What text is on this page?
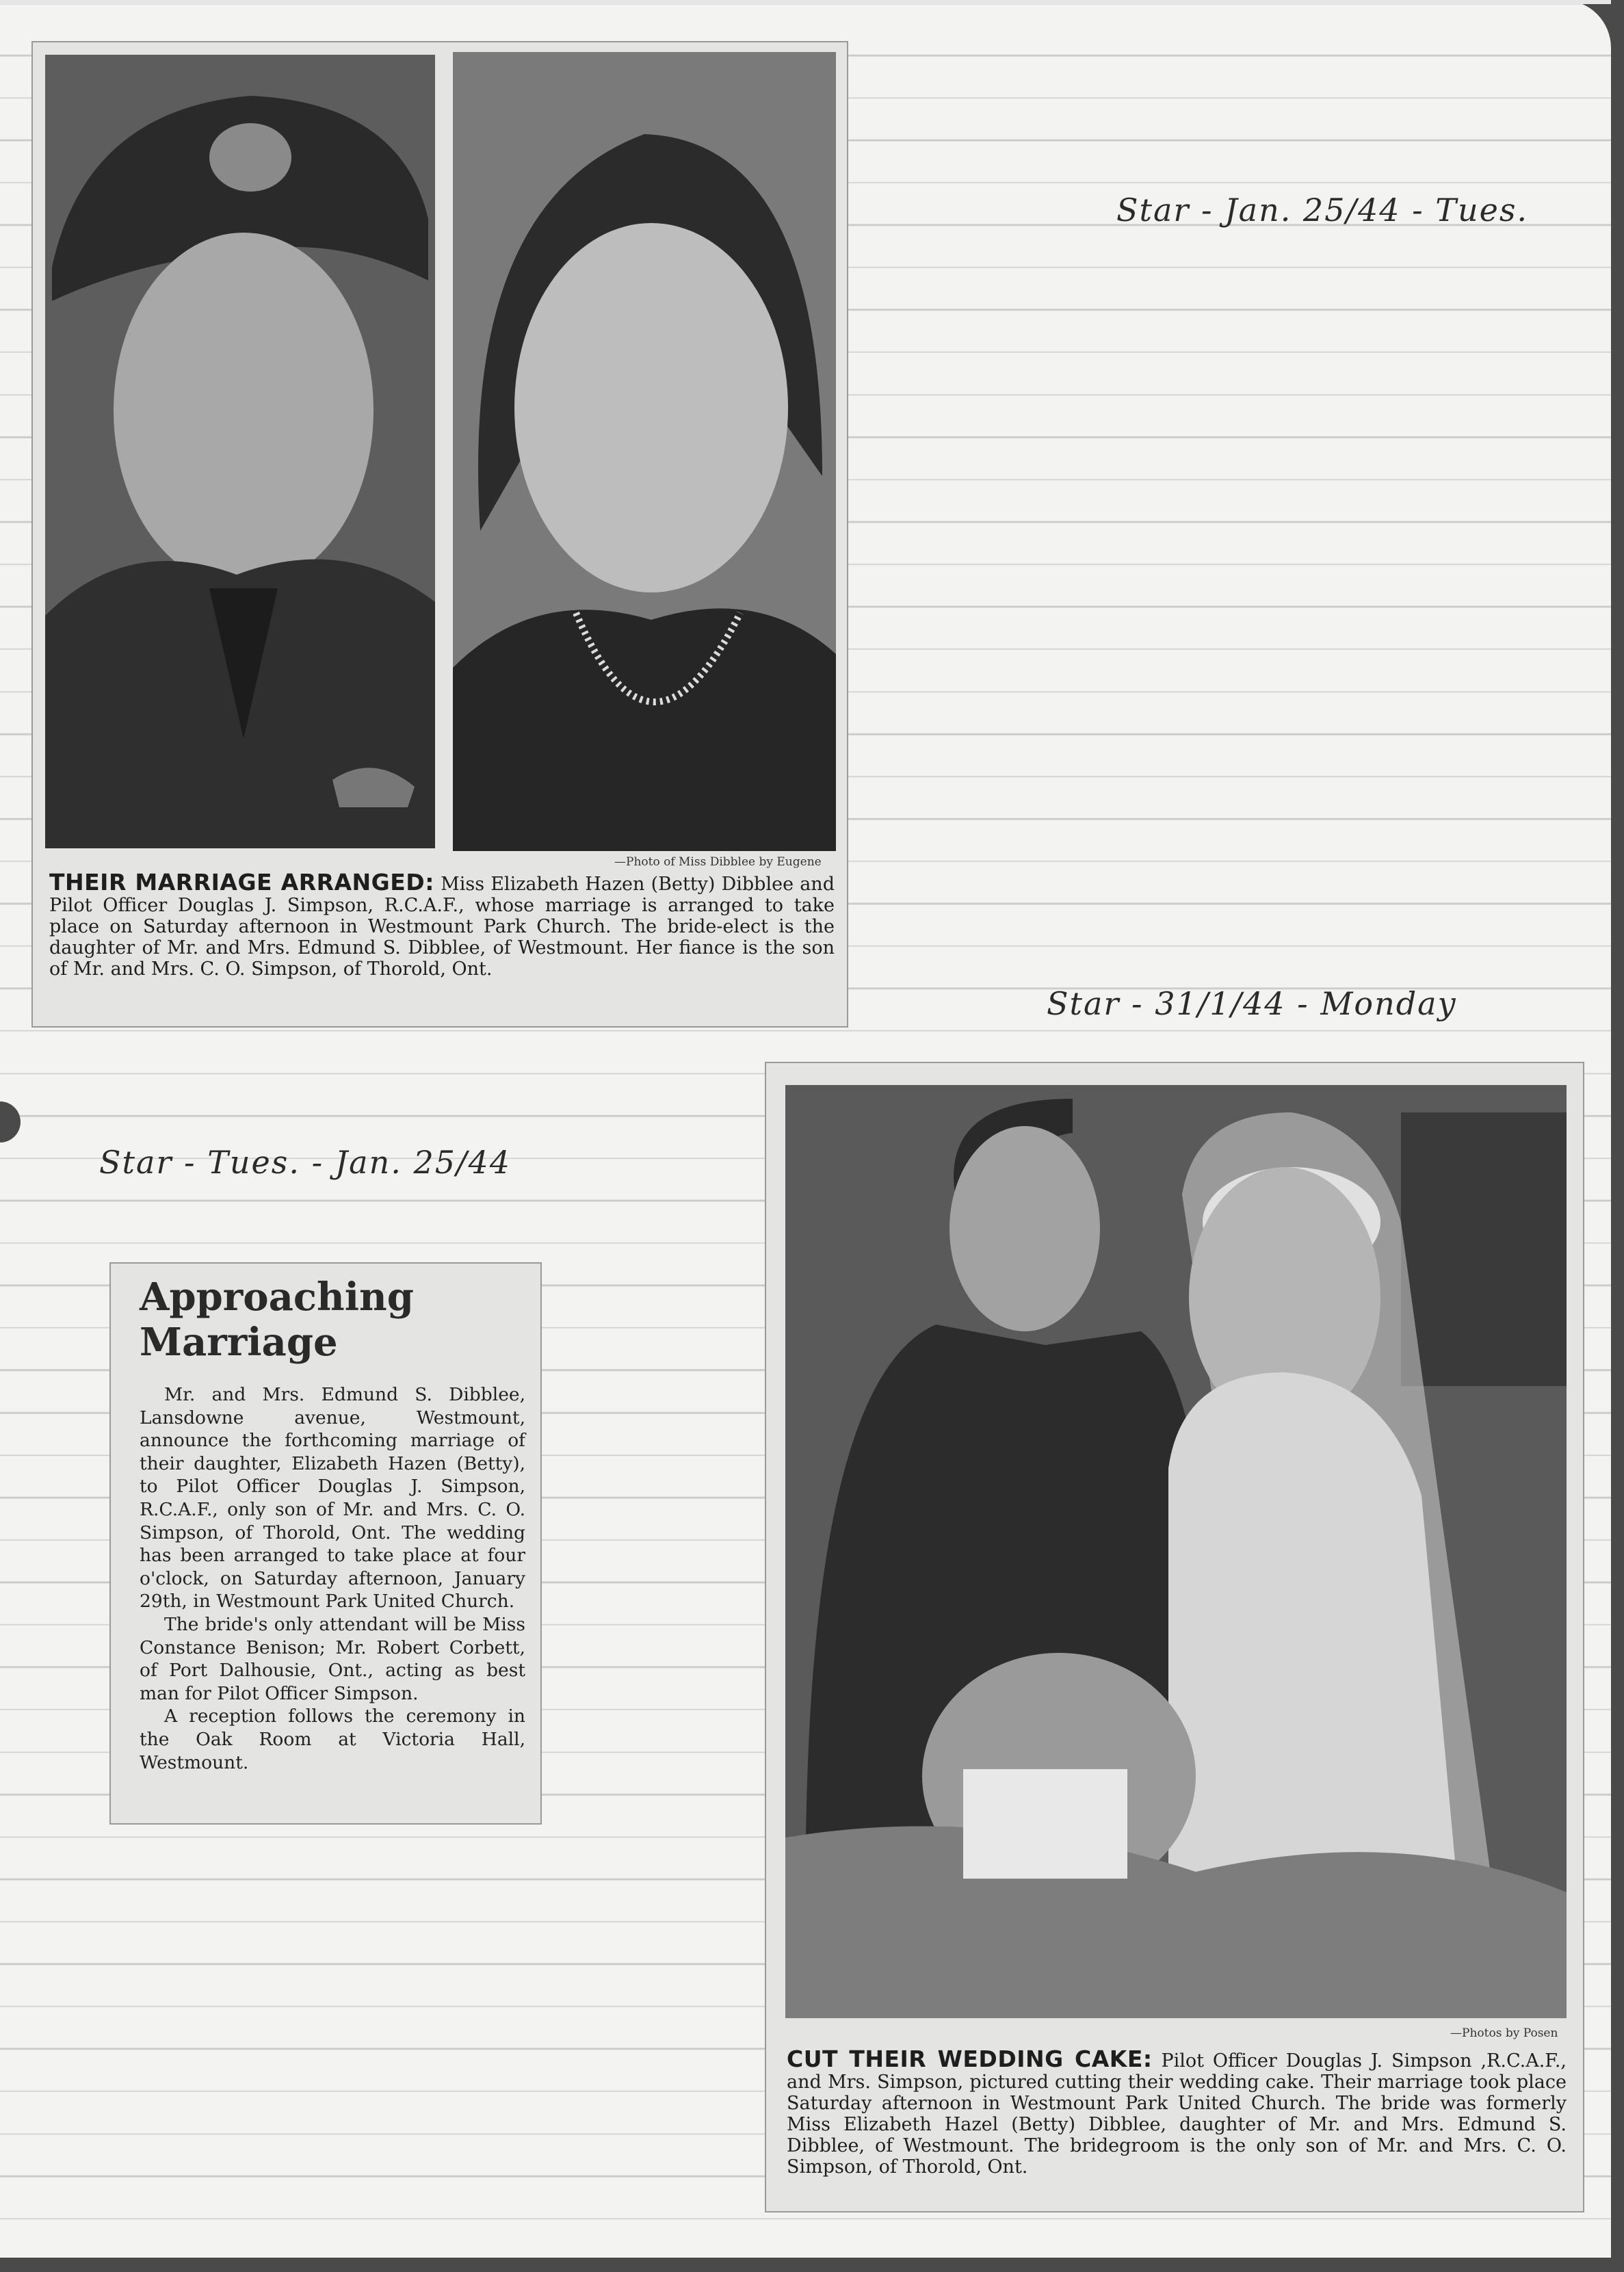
Star - Jan. 25/44 - Tues.
Star - 31/1/44 - Monday
Star - Tues. - Jan. 25/44
—Photo of Miss Dibblee by Eugene
THEIR MARRIAGE ARRANGED: Miss Elizabeth Hazen (Betty) Dibblee and Pilot Officer Douglas J. Simpson, R.C.A.F., whose marriage is arranged to take place on Saturday afternoon in Westmount Park Church. The bride-elect is the daughter of Mr. and Mrs. Edmund S. Dibblee, of Westmount. Her fiance is the son of Mr. and Mrs. C. O. Simpson, of Thorold, Ont.
Approaching
Marriage

Mr. and Mrs. Edmund S. Dibblee, Lansdowne avenue, Westmount, announce the forthcoming marriage of their daughter, Elizabeth Hazen (Betty), to Pilot Officer Douglas J. Simpson, R.C.A.F., only son of Mr. and Mrs. C. O. Simpson, of Thorold, Ont. The wedding has been arranged to take place at four o'clock, on Saturday afternoon, January 29th, in Westmount Park United Church.

The bride's only attendant will be Miss Constance Benison; Mr. Robert Corbett, of Port Dalhousie, Ont., acting as best man for Pilot Officer Simpson.

A reception follows the ceremony in the Oak Room at Victoria Hall, Westmount.

—Photos by Posen
CUT THEIR WEDDING CAKE: Pilot Officer Douglas J. Simpson ,R.C.A.F., and Mrs. Simpson, pictured cutting their wedding cake. Their marriage took place Saturday afternoon in Westmount Park United Church. The bride was formerly Miss Elizabeth Hazel (Betty) Dibblee, daughter of Mr. and Mrs. Edmund S. Dibblee, of Westmount. The bridegroom is the only son of Mr. and Mrs. C. O. Simpson, of Thorold, Ont.
